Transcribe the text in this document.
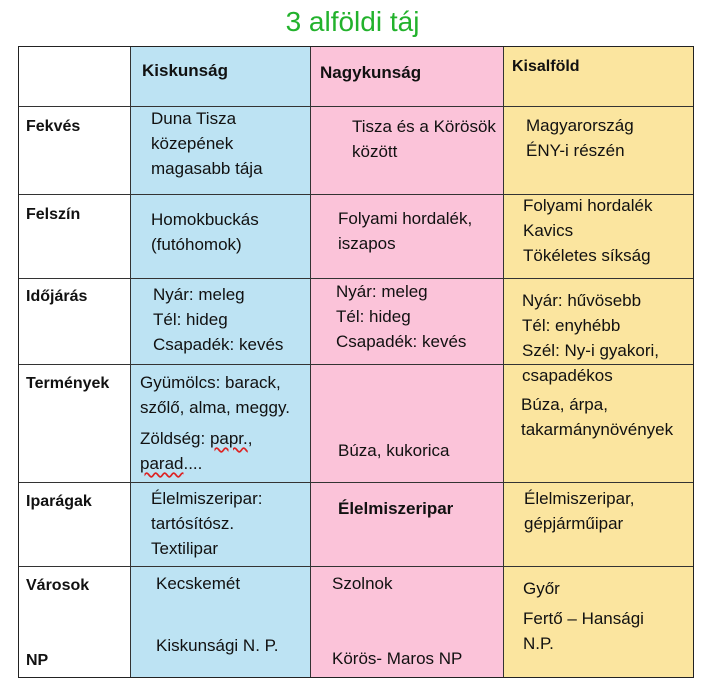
3 alföldi táj
Kiskunság	Nagykunság	Kisalföld
Fekvés
Felszín
Időjárás
Termények
Iparágak
Városok
NP
Duna Tisza
közepének
magasabb tája
Tisza és a Körösök
között
Magyarország
ÉNY-i részén
Homokbuckás
(futóhomok)
Folyami hordalék,
iszapos
Folyami hordalék
Kavics
Tökéletes síkság
Nyár: meleg
Tél: hideg
Csapadék: kevés
Nyár: meleg
Tél: hideg
Csapadék: kevés
Nyár: hűvösebb
Tél: enyhébb
Szél: Ny-i gyakori,
csapadékos
Gyümölcs: barack,
szőlő, alma, meggy.
Zöldség: papr.,
parad....
Búza, kukorica
Búza, árpa,
takarmánynövények
Élelmiszeripar:
tartósítósz.
Textilipar
Élelmiszeripar
Élelmiszeripar,
gépjárműipar
Kecskemét
Kiskunsági N. P.
Szolnok
Körös- Maros NP
Győr
Fertő – Hansági
N.P.
